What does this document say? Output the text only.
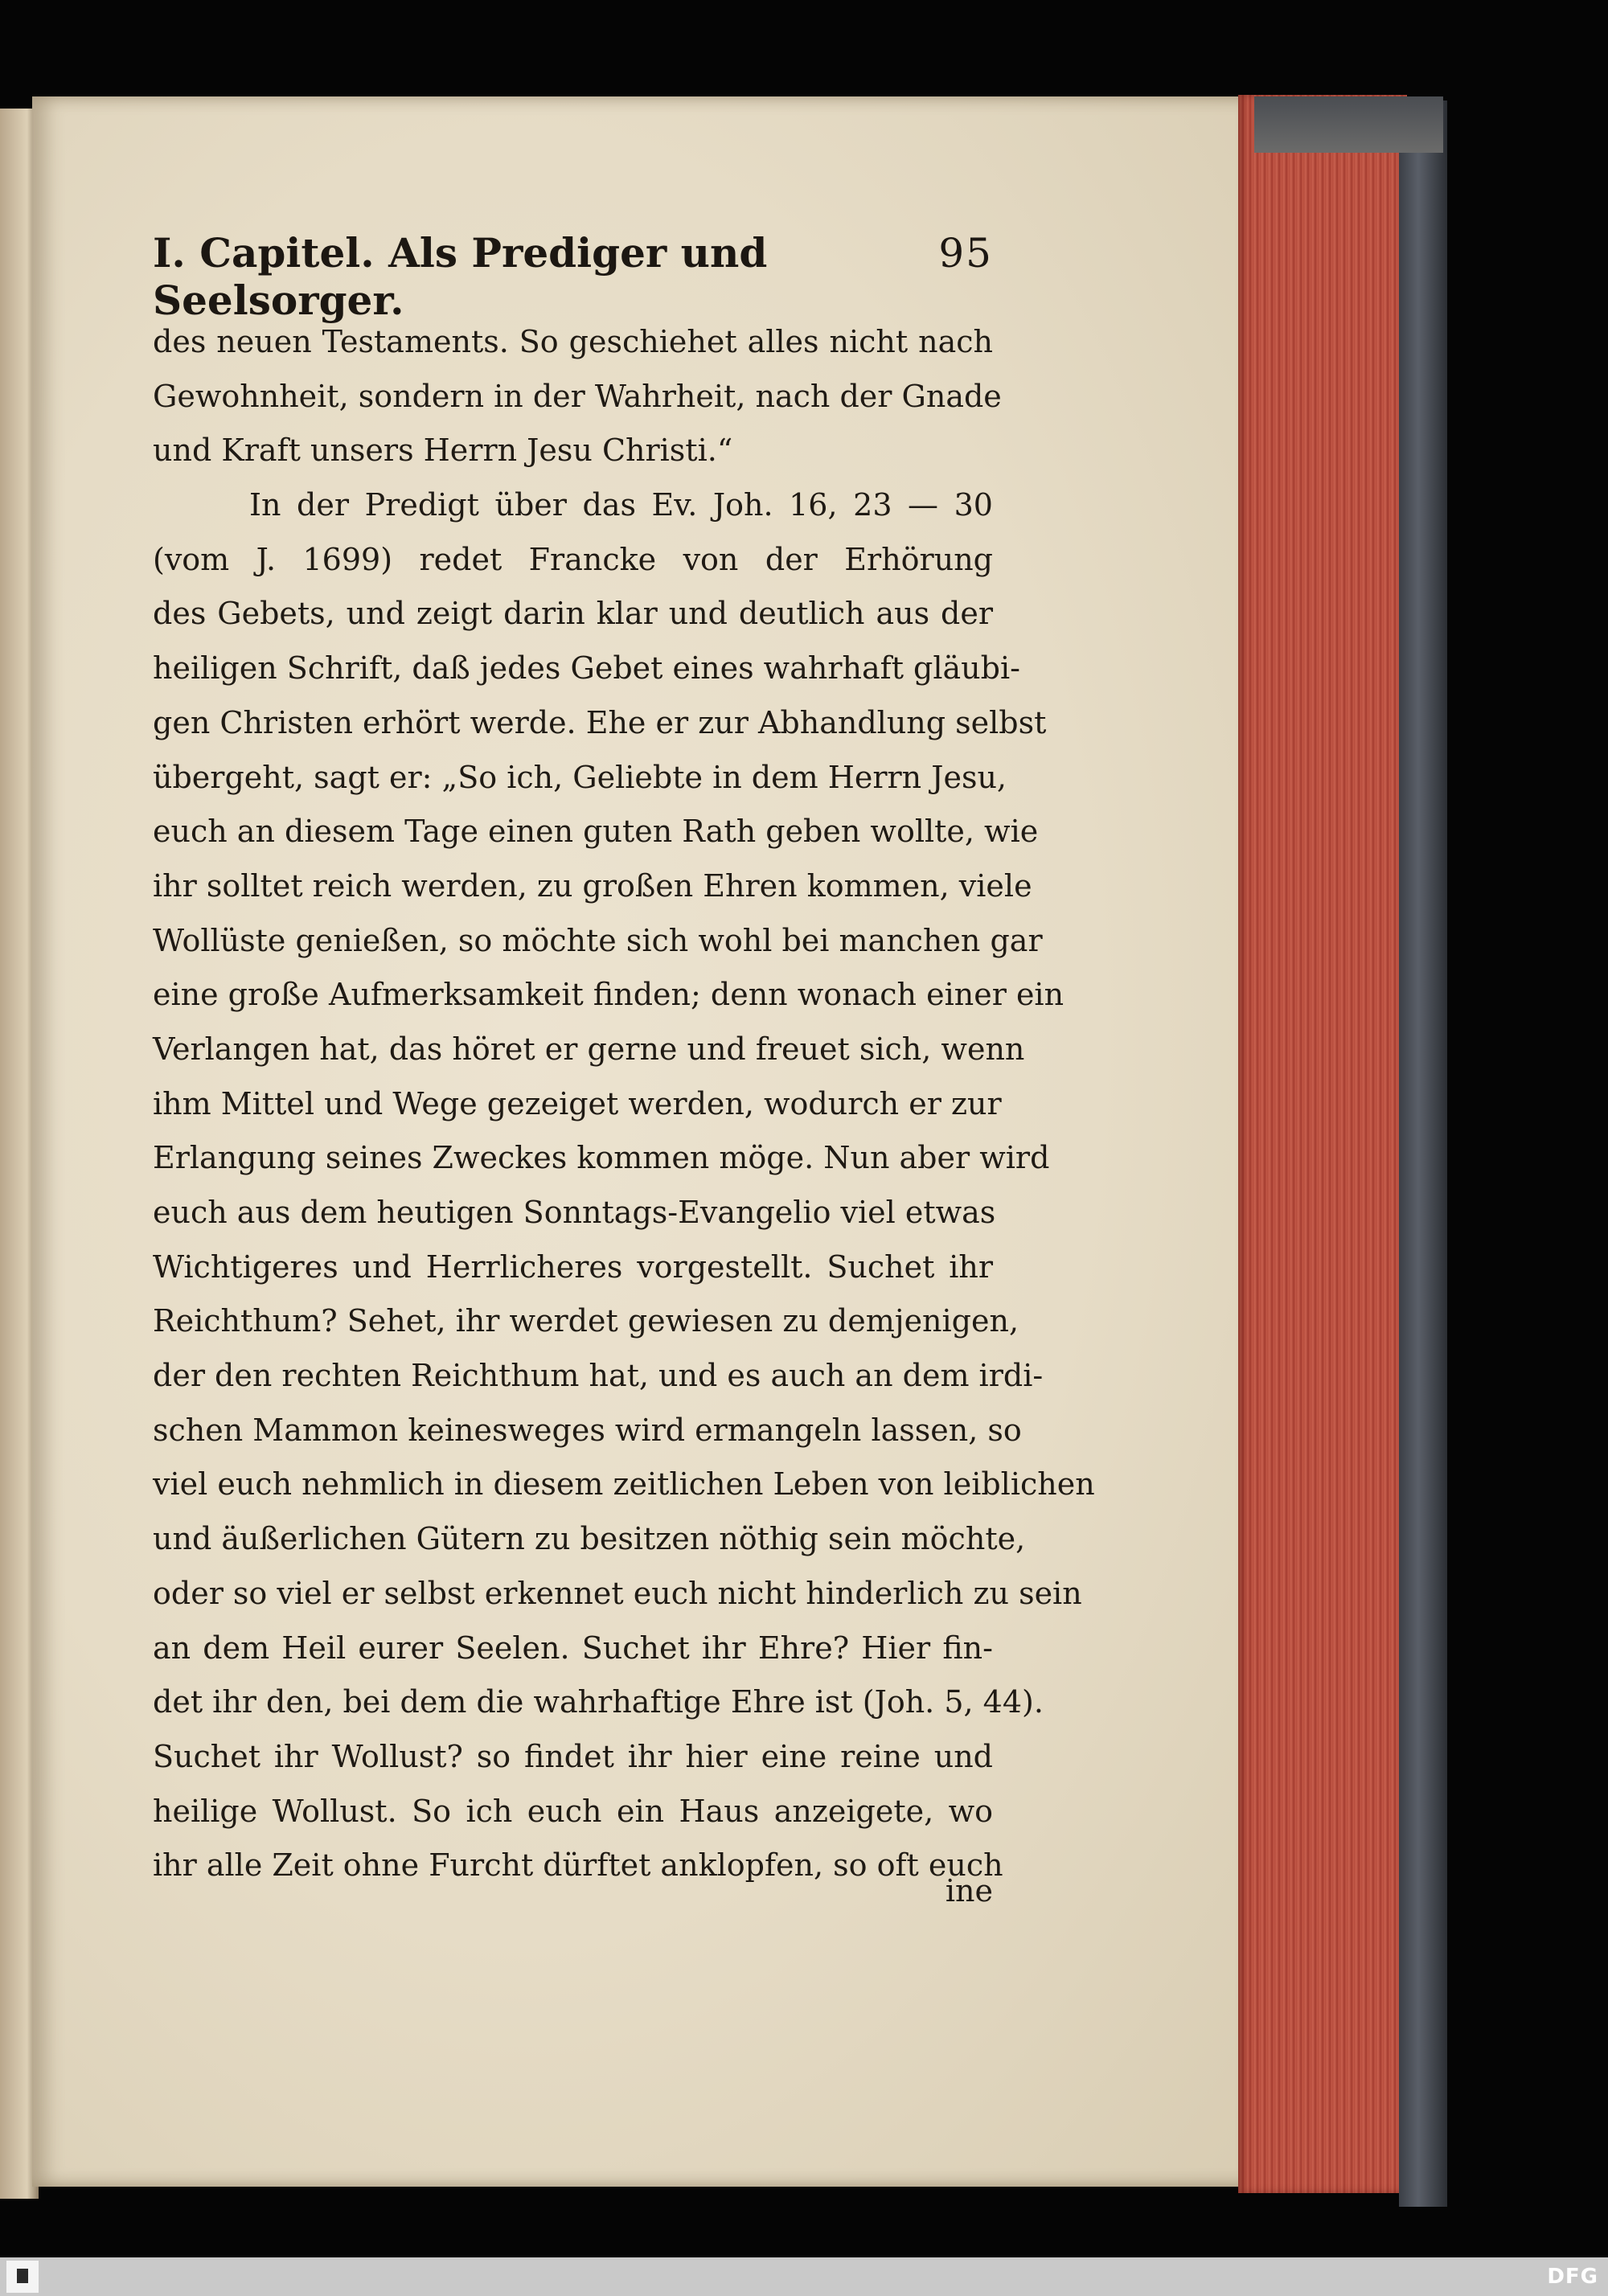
I. Capitel. Als Prediger und Seelsorger.
95
des neuen Testaments. So geschiehet alles nicht nach
Gewohnheit, sondern in der Wahrheit, nach der Gnade
und Kraft unsers Herrn Jesu Christi.“
In der Predigt über das Ev. Joh. 16, 23 — 30
(vom J. 1699) redet Francke von der Erhörung
des Gebets, und zeigt darin klar und deutlich aus der
heiligen Schrift, daß jedes Gebet eines wahrhaft gläubi-
gen Christen erhört werde. Ehe er zur Abhandlung selbst
übergeht, sagt er: „So ich, Geliebte in dem Herrn Jesu,
euch an diesem Tage einen guten Rath geben wollte, wie
ihr solltet reich werden, zu großen Ehren kommen, viele
Wollüste genießen, so möchte sich wohl bei manchen gar
eine große Aufmerksamkeit finden; denn wonach einer ein
Verlangen hat, das höret er gerne und freuet sich, wenn
ihm Mittel und Wege gezeiget werden, wodurch er zur
Erlangung seines Zweckes kommen möge. Nun aber wird
euch aus dem heutigen Sonntags-Evangelio viel etwas
Wichtigeres und Herrlicheres vorgestellt. Suchet ihr
Reichthum? Sehet, ihr werdet gewiesen zu demjenigen,
der den rechten Reichthum hat, und es auch an dem irdi-
schen Mammon keinesweges wird ermangeln lassen, so
viel euch nehmlich in diesem zeitlichen Leben von leiblichen
und äußerlichen Gütern zu besitzen nöthig sein möchte,
oder so viel er selbst erkennet euch nicht hinderlich zu sein
an dem Heil eurer Seelen. Suchet ihr Ehre? Hier fin-
det ihr den, bei dem die wahrhaftige Ehre ist (Joh. 5, 44).
Suchet ihr Wollust? so findet ihr hier eine reine und
heilige Wollust. So ich euch ein Haus anzeigete, wo
ihr alle Zeit ohne Furcht dürftet anklopfen, so oft euch
ine
DFG
